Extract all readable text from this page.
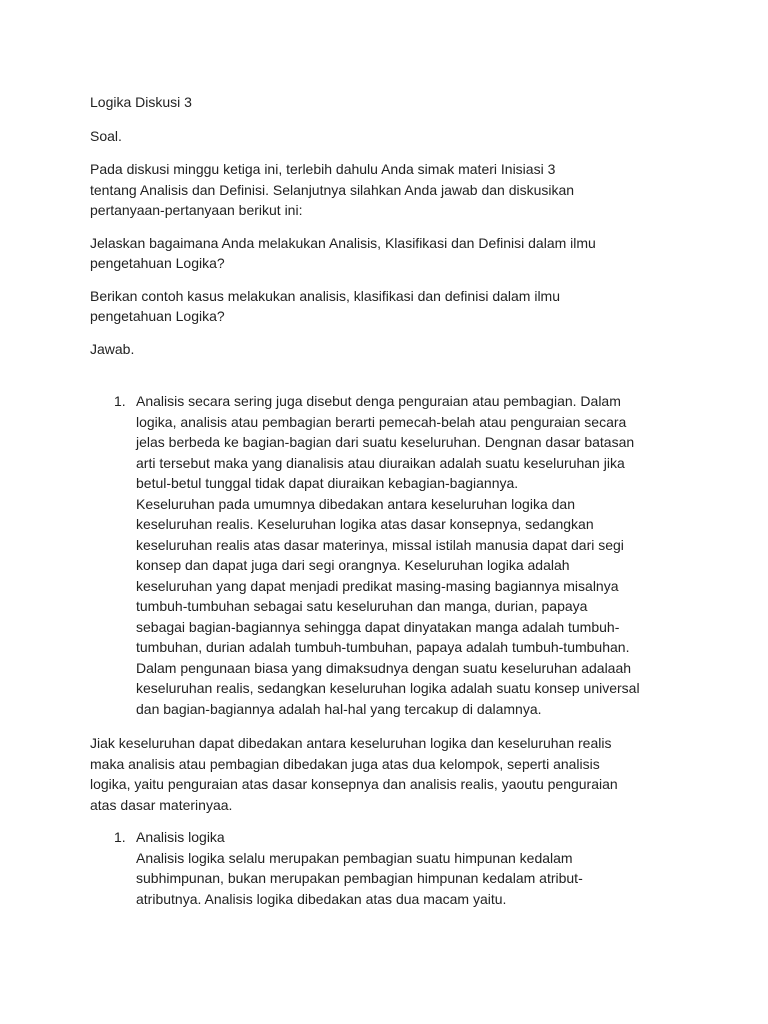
Logika Diskusi 3

Soal.

Pada diskusi minggu ketiga ini, terlebih dahulu Anda simak materi Inisiasi 3
tentang Analisis dan Definisi. Selanjutnya silahkan Anda jawab dan diskusikan
pertanyaan-pertanyaan berikut ini:

Jelaskan bagaimana Anda melakukan Analisis, Klasifikasi dan Definisi dalam ilmu
pengetahuan Logika?

Berikan contoh kasus melakukan analisis, klasifikasi dan definisi dalam ilmu
pengetahuan Logika?

Jawab.

1. Analisis secara sering juga disebut denga penguraian atau pembagian. Dalam
logika, analisis atau pembagian berarti pemecah-belah atau penguraian secara
jelas berbeda ke bagian-bagian dari suatu keseluruhan. Dengnan dasar batasan
arti tersebut maka yang dianalisis atau diuraikan adalah suatu keseluruhan jika
betul-betul tunggal tidak dapat diuraikan kebagian-bagiannya.
Keseluruhan pada umumnya dibedakan antara keseluruhan logika dan
keseluruhan realis. Keseluruhan logika atas dasar konsepnya, sedangkan
keseluruhan realis atas dasar materinya, missal istilah manusia dapat dari segi
konsep dan dapat juga dari segi orangnya. Keseluruhan logika adalah
keseluruhan yang dapat menjadi predikat masing-masing bagiannya misalnya
tumbuh-tumbuhan sebagai satu keseluruhan dan manga, durian, papaya
sebagai bagian-bagiannya sehingga dapat dinyatakan manga adalah tumbuh-
tumbuhan, durian adalah tumbuh-tumbuhan, papaya adalah tumbuh-tumbuhan.
Dalam pengunaan biasa yang dimaksudnya dengan suatu keseluruhan adalaah
keseluruhan realis, sedangkan keseluruhan logika adalah suatu konsep universal
dan bagian-bagiannya adalah hal-hal yang tercakup di dalamnya.

Jiak keseluruhan dapat dibedakan antara keseluruhan logika dan keseluruhan realis
maka analisis atau pembagian dibedakan juga atas dua kelompok, seperti analisis
logika, yaitu penguraian atas dasar konsepnya dan analisis realis, yaoutu penguraian
atas dasar materinyaa.

1. Analisis logika
Analisis logika selalu merupakan pembagian suatu himpunan kedalam
subhimpunan, bukan merupakan pembagian himpunan kedalam atribut-
atributnya. Analisis logika dibedakan atas dua macam yaitu.
